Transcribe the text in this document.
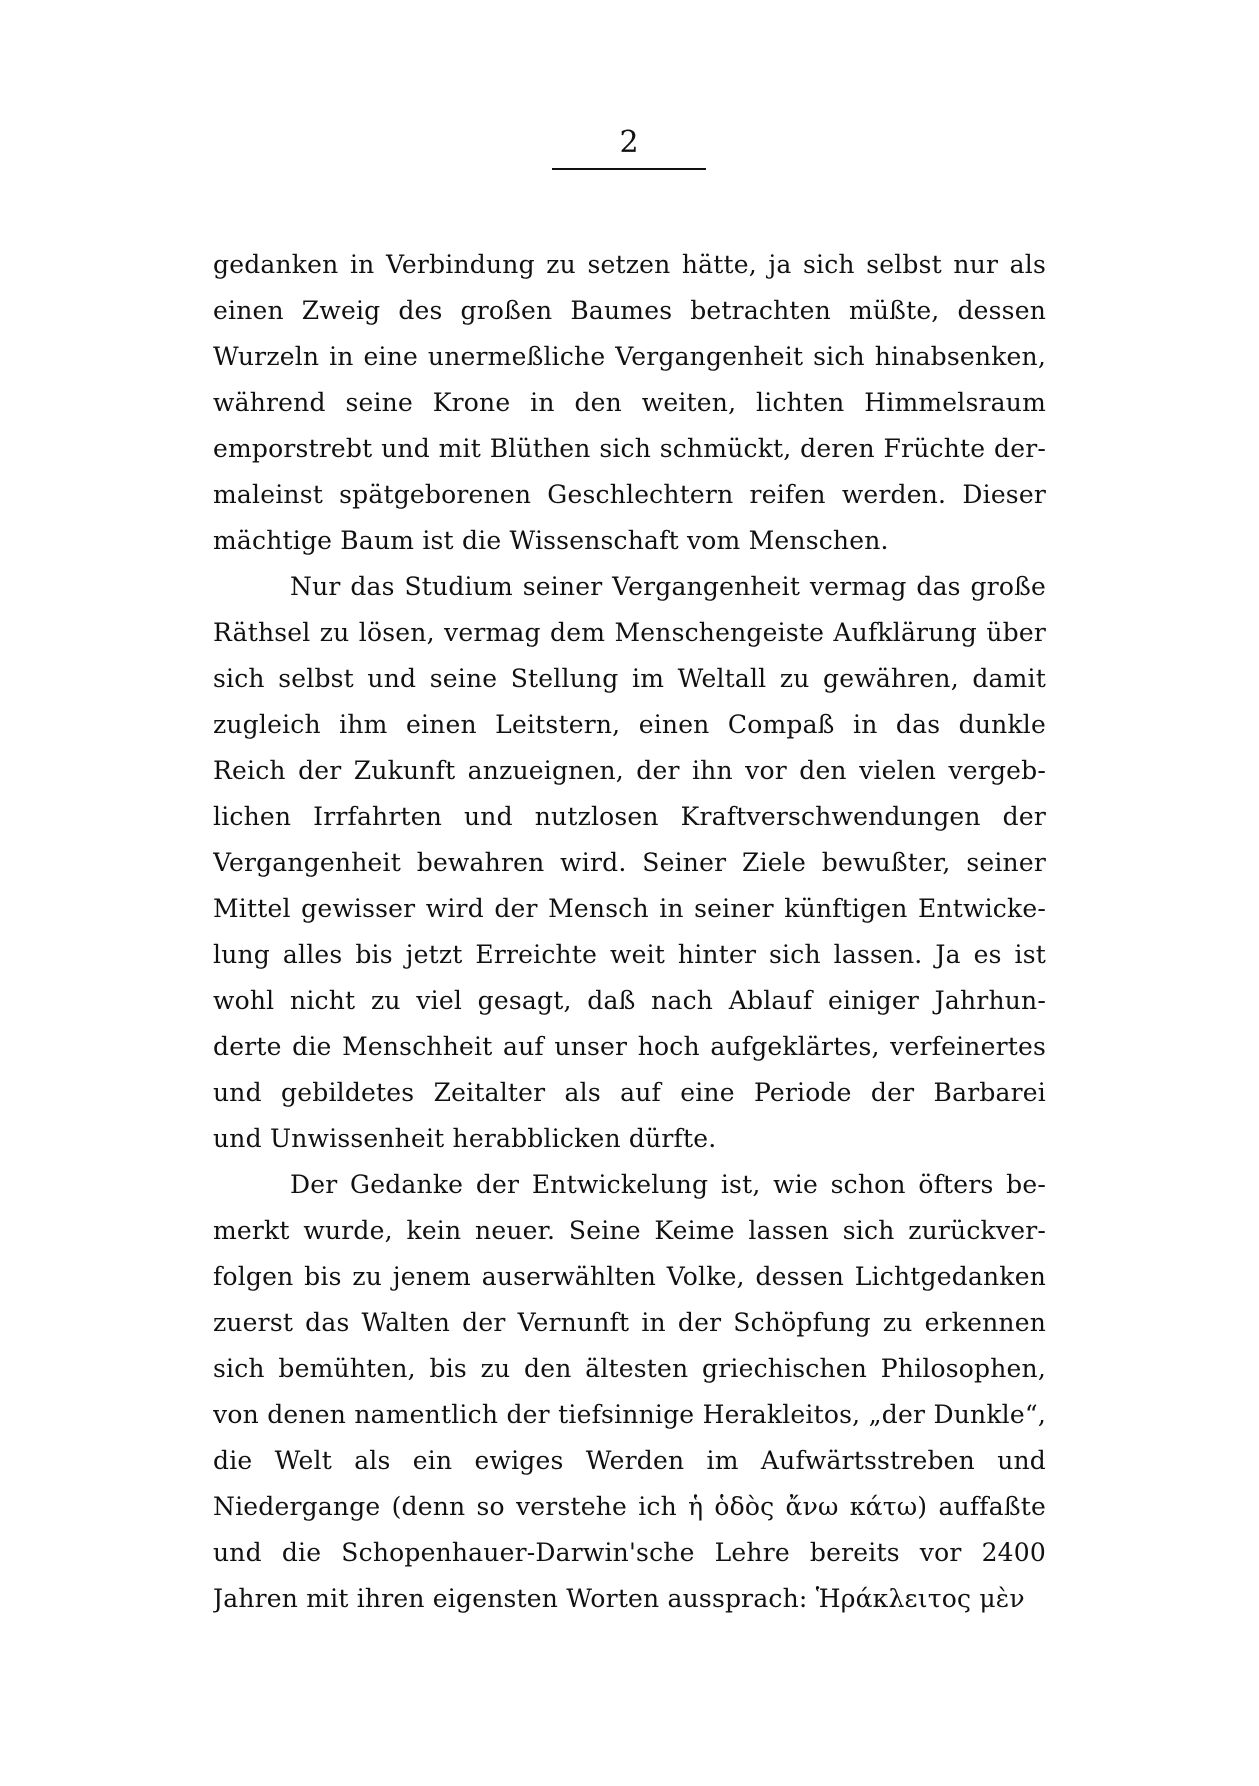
2
gedanken in Verbindung zu setzen hätte, ja sich selbst nur als
einen Zweig des großen Baumes betrachten müßte, dessen
Wurzeln in eine unermeßliche Vergangenheit sich hinabsenken,
während seine Krone in den weiten, lichten Himmelsraum
emporstrebt und mit Blüthen sich schmückt, deren Früchte der-
maleinst spätgeborenen Geschlechtern reifen werden. Dieser
mächtige Baum ist die Wissenschaft vom Menschen.
Nur das Studium seiner Vergangenheit vermag das große
Räthsel zu lösen, vermag dem Menschengeiste Aufklärung über
sich selbst und seine Stellung im Weltall zu gewähren, damit
zugleich ihm einen Leitstern, einen Compaß in das dunkle
Reich der Zukunft anzueignen, der ihn vor den vielen vergeb-
lichen Irrfahrten und nutzlosen Kraftverschwendungen der
Vergangenheit bewahren wird. Seiner Ziele bewußter, seiner
Mittel gewisser wird der Mensch in seiner künftigen Entwicke-
lung alles bis jetzt Erreichte weit hinter sich lassen. Ja es ist
wohl nicht zu viel gesagt, daß nach Ablauf einiger Jahrhun-
derte die Menschheit auf unser hoch aufgeklärtes, verfeinertes
und gebildetes Zeitalter als auf eine Periode der Barbarei
und Unwissenheit herabblicken dürfte.
Der Gedanke der Entwickelung ist, wie schon öfters be-
merkt wurde, kein neuer. Seine Keime lassen sich zurückver-
folgen bis zu jenem auserwählten Volke, dessen Lichtgedanken
zuerst das Walten der Vernunft in der Schöpfung zu erkennen
sich bemühten, bis zu den ältesten griechischen Philosophen,
von denen namentlich der tiefsinnige Herakleitos, „der Dunkle“,
die Welt als ein ewiges Werden im Aufwärtsstreben und
Niedergange (denn so verstehe ich ἡ ὁδὸς ἄνω κάτω) auffaßte
und die Schopenhauer-Darwin'sche Lehre bereits vor 2400
Jahren mit ihren eigensten Worten aussprach: Ἡράκλειτος μὲν
